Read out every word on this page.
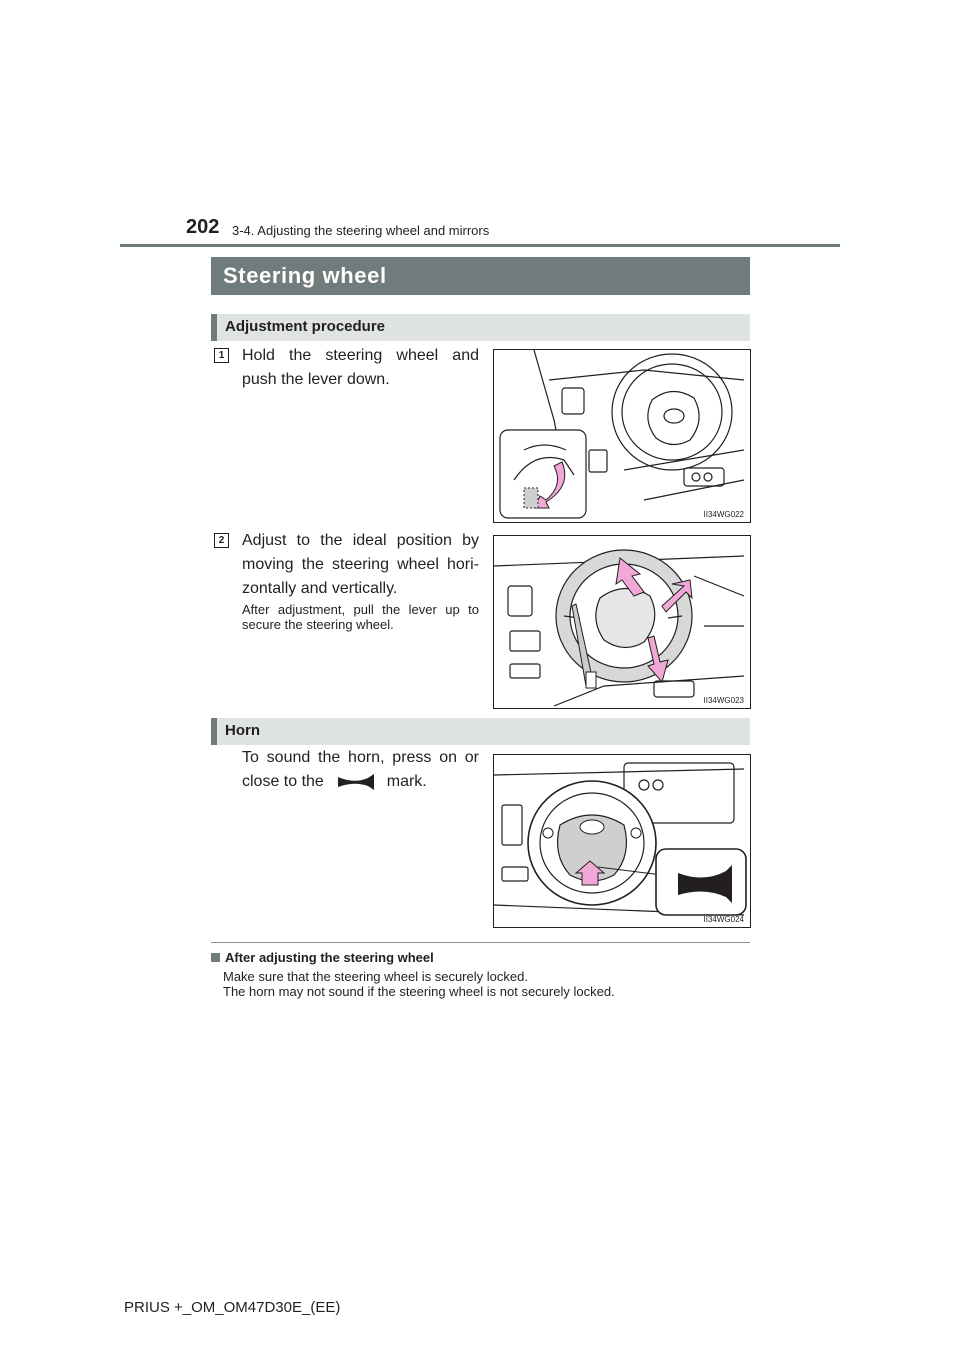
202 3-4. Adjusting the steering wheel and mirrors
Steering wheel
Adjustment procedure
1 Hold the steering wheel and push the lever down.
II34WG022
2 Adjust to the ideal position by moving the steering wheel hori-zontally and vertically.
After adjustment, pull the lever up to secure the steering wheel.
II34WG023
Horn
To sound the horn, press on or close to the	mark.
II34WG024
After adjusting the steering wheel
Make sure that the steering wheel is securely locked.
The horn may not sound if the steering wheel is not securely locked.
PRIUS +_OM_OM47D30E_(EE)
